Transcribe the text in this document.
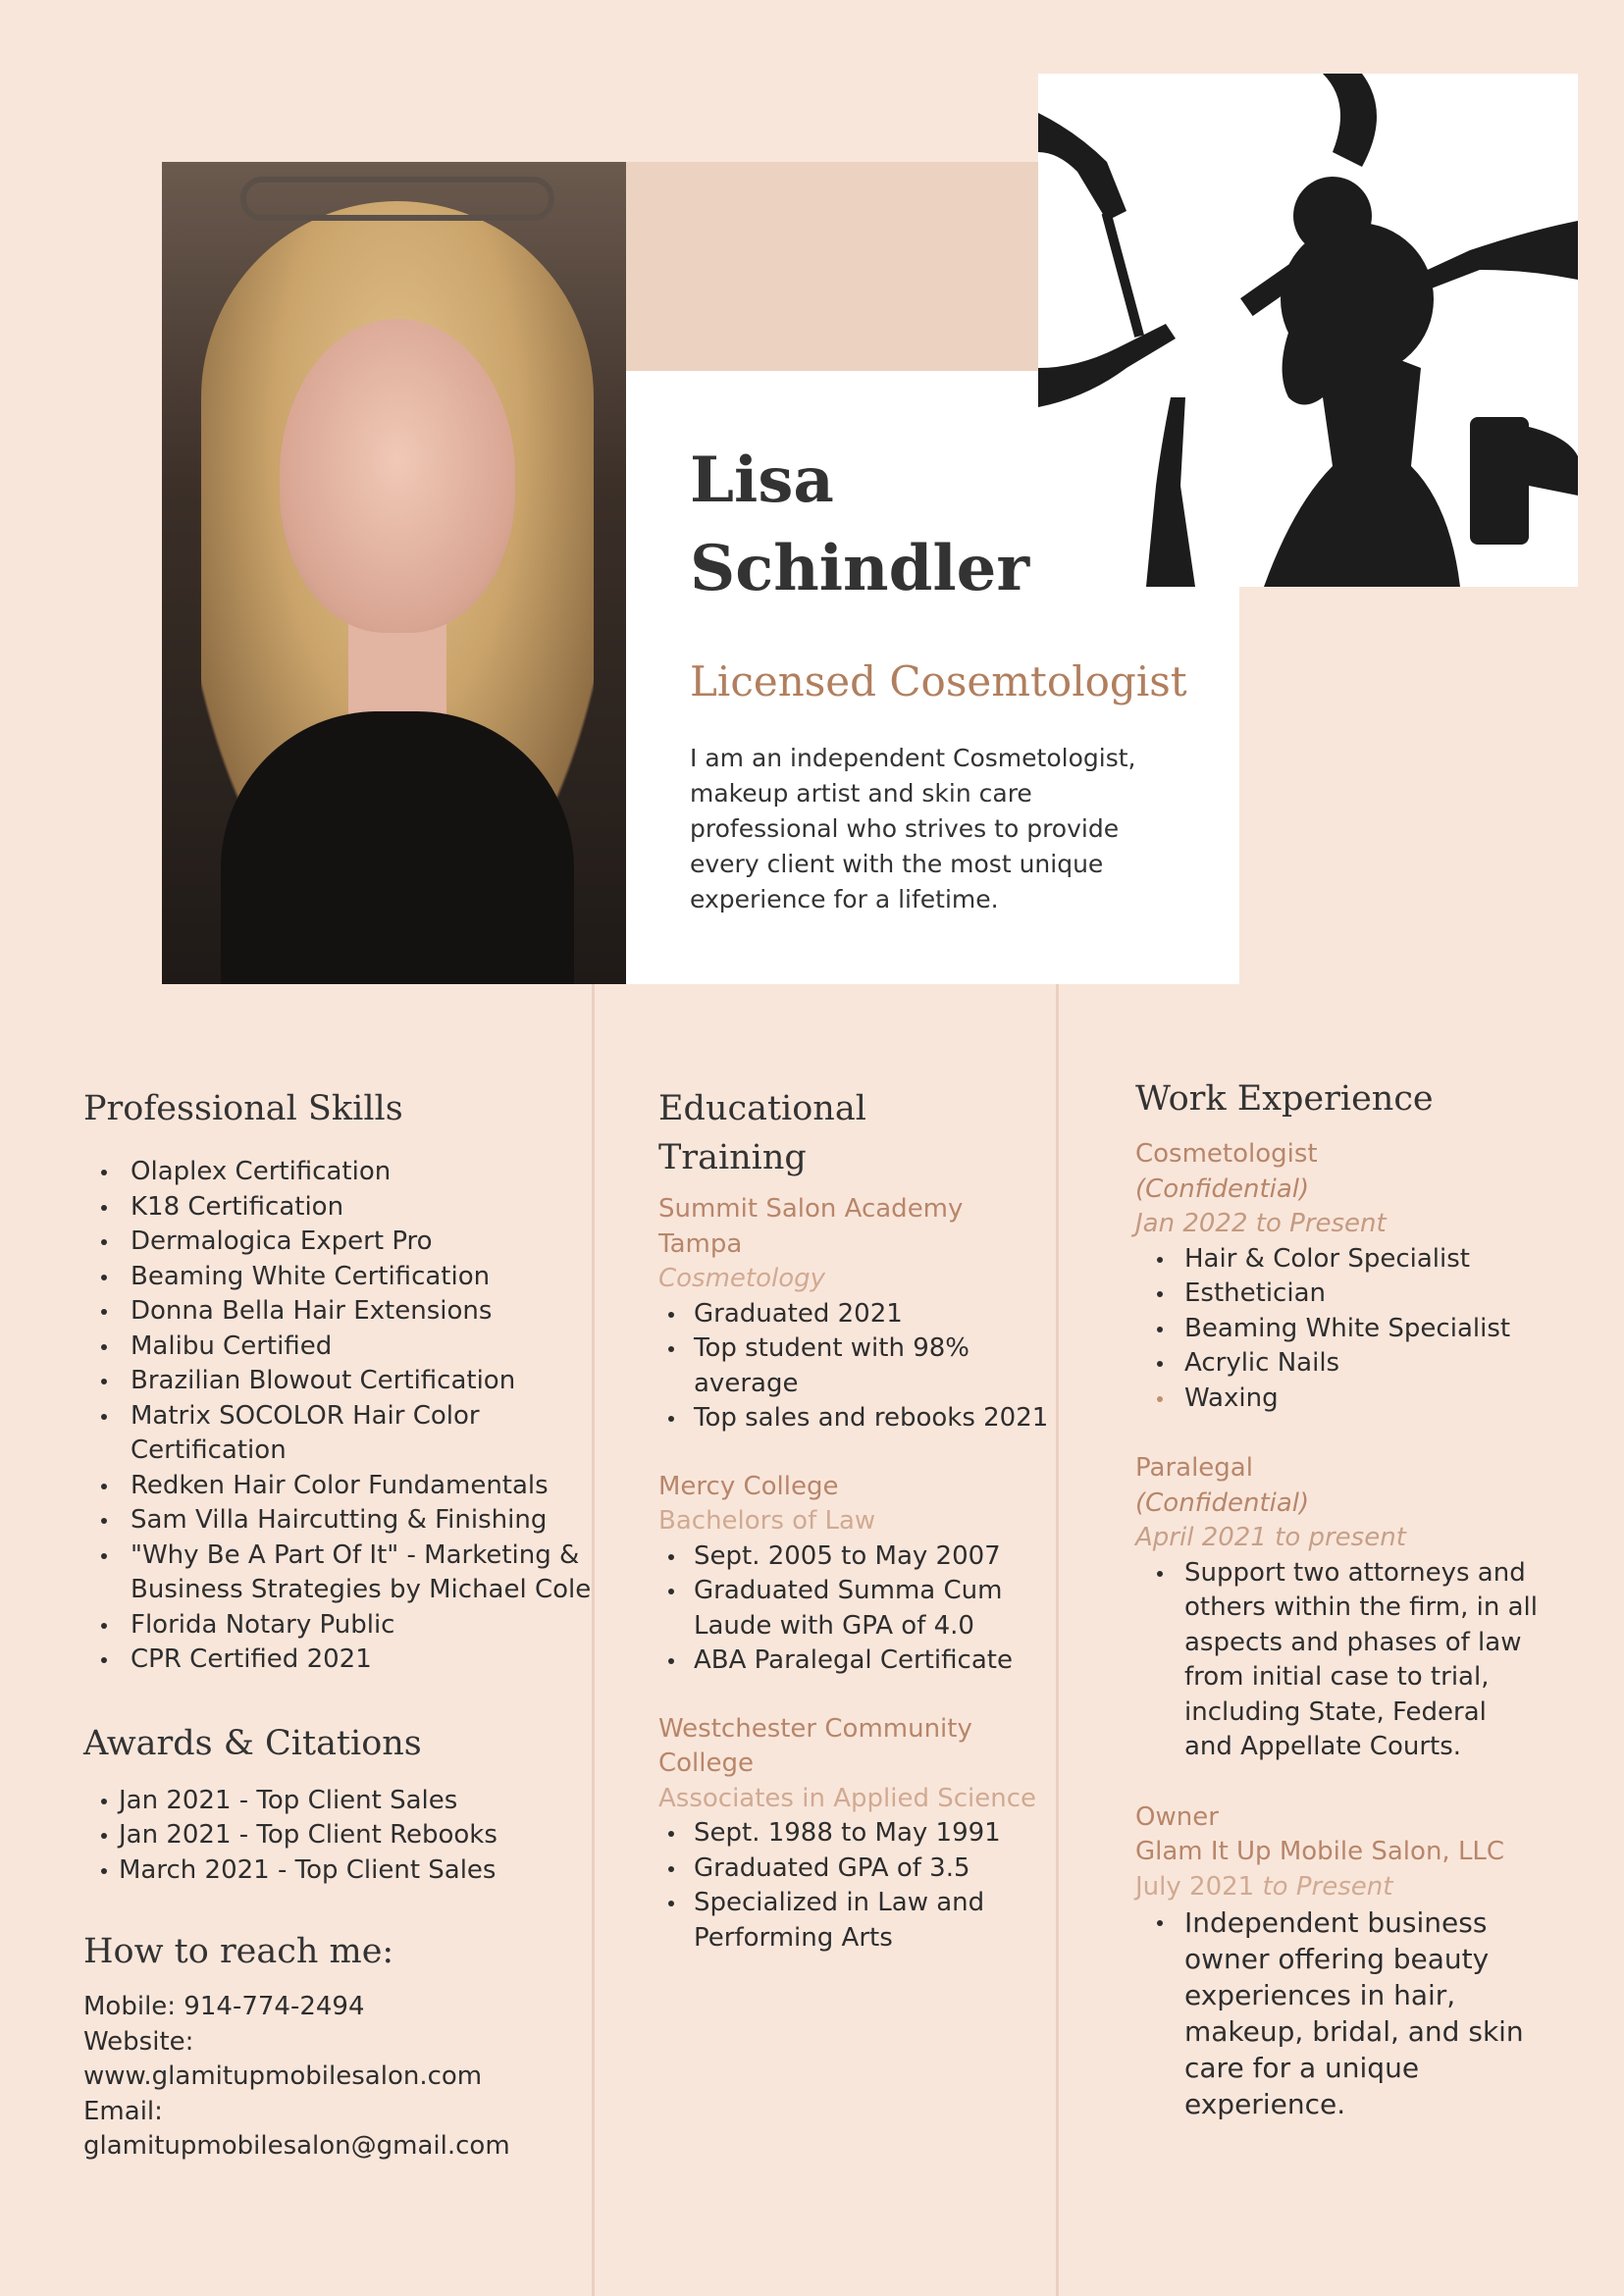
Lisa
Schindler
Licensed Cosemtologist
I am an independent Cosmetologist, makeup artist and skin care professional who strives to provide every client with the most unique experience for a lifetime.
Professional Skills
Olaplex Certification
K18 Certification
Dermalogica Expert Pro
Beaming White Certification
Donna Bella Hair Extensions
Malibu Certified
Brazilian Blowout Certification
Matrix SOCOLOR Hair Color Certification
Redken Hair Color Fundamentals
Sam Villa Haircutting & Finishing
"Why Be A Part Of It" - Marketing & Business Strategies by Michael Cole
Florida Notary Public
CPR Certified 2021
Awards & Citations
Jan 2021 - Top Client Sales
Jan 2021 - Top Client Rebooks
March 2021 - Top Client Sales
How to reach me:
Mobile: 914-774-2494
Website:
www.glamitupmobilesalon.com
Email: glamitupmobilesalon@gmail.com
Educational
Training
Summit Salon Academy Tampa
Cosmetology
Graduated 2021
Top student with 98% average
Top sales and rebooks 2021
Mercy College
Bachelors of Law
Sept. 2005 to May 2007
Graduated Summa Cum Laude with GPA of 4.0
ABA Paralegal Certificate
Westchester Community College
Associates in Applied Science
Sept. 1988 to May 1991
Graduated GPA of 3.5
Specialized in Law and Performing Arts
Work Experience
Cosmetologist
(Confidential)
Jan 2022 to Present
Hair & Color Specialist
Esthetician
Beaming White Specialist
Acrylic Nails
Waxing
Paralegal
(Confidential)
April 2021 to present
Support two attorneys and others within the firm, in all aspects and phases of law from initial case to trial, including State, Federal and Appellate Courts.
Owner
Glam It Up Mobile Salon, LLC
July 2021 to Present
Independent business owner offering beauty experiences in hair, makeup, bridal, and skin care for a unique experience.
